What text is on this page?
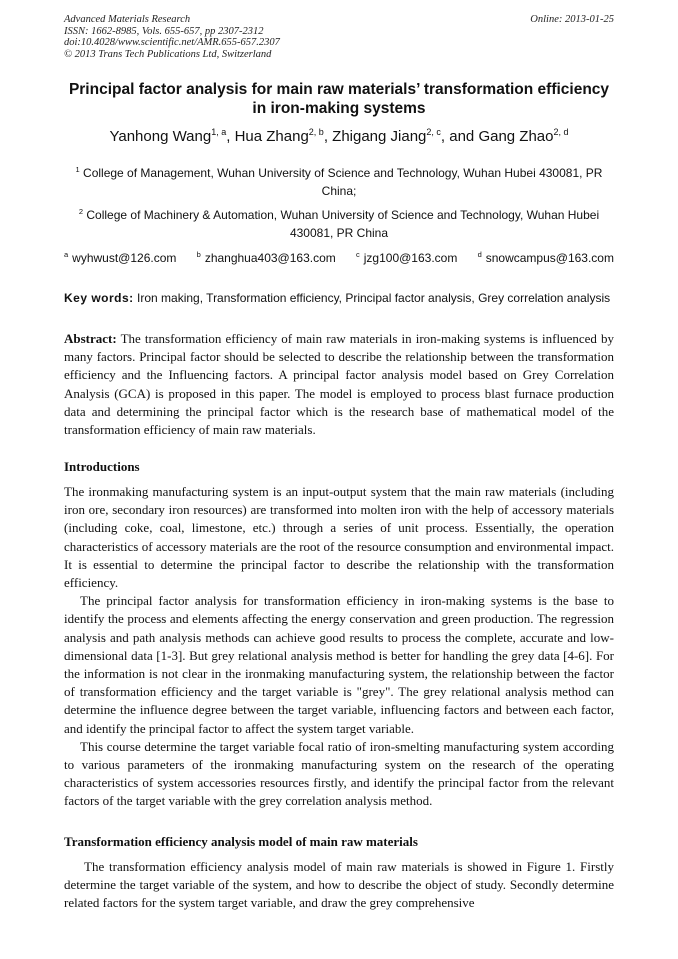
Advanced Materials Research
ISSN: 1662-8985, Vols. 655-657, pp 2307-2312
doi:10.4028/www.scientific.net/AMR.655-657.2307
© 2013 Trans Tech Publications Ltd, Switzerland
Online: 2013-01-25
Principal factor analysis for main raw materials’ transformation efficiency in iron-making systems
Yanhong Wang$^{1, a}$, Hua Zhang$^{2, b}$, Zhigang Jiang$^{2, c}$, and Gang Zhao$^{2, d}$
$^1$ College of Management, Wuhan University of Science and Technology, Wuhan Hubei 430081, PR China;
$^2$ College of Machinery & Automation, Wuhan University of Science and Technology, Wuhan Hubei 430081, PR China
$^a$ wyhwust@126.com	$^b$ zhanghua403@163.com	$^c$ jzg100@163.com	$^d$ snowcampus@163.com
Key words: Iron making, Transformation efficiency, Principal factor analysis, Grey correlation analysis

Abstract: The transformation efficiency of main raw materials in iron-making systems is influenced by many factors. Principal factor should be selected to describe the relationship between the transformation efficiency and the Influencing factors. A principal factor analysis model based on Grey Correlation Analysis (GCA) is proposed in this paper. The model is employed to process blast furnace production data and determining the principal factor which is the research base of mathematical model of the transformation efficiency of main raw materials.

Introductions

The ironmaking manufacturing system is an input-output system that the main raw materials (including iron ore, secondary iron resources) are transformed into molten iron with the help of accessory materials (including coke, coal, limestone, etc.) through a series of unit process. Essentially, the operation characteristics of accessory materials are the root of the resource consumption and environmental impact. It is essential to determine the principal factor to describe the relationship with the transformation efficiency.

The principal factor analysis for transformation efficiency in iron-making systems is the base to identify the process and elements affecting the energy conservation and green production. The regression analysis and path analysis methods can achieve good results to process the complete, accurate and low-dimensional data [1-3]. But grey relational analysis method is better for handling the grey data [4-6]. For the information is not clear in the ironmaking manufacturing system, the relationship between the factor of transformation efficiency and the target variable is "grey". The grey relational analysis method can determine the influence degree between the target variable, influencing factors and between each factor, and identify the principal factor to affect the system target variable.

This course determine the target variable focal ratio of iron-smelting manufacturing system according to various parameters of the ironmaking manufacturing system on the research of the operating characteristics of system accessories resources firstly, and identify the principal factor from the relevant factors of the target variable with the grey correlation analysis method.

Transformation efficiency analysis model of main raw materials

The transformation efficiency analysis model of main raw materials is showed in Figure 1. Firstly determine the target variable of the system, and how to describe the object of study. Secondly determine related factors for the system target variable, and draw the grey comprehensive
